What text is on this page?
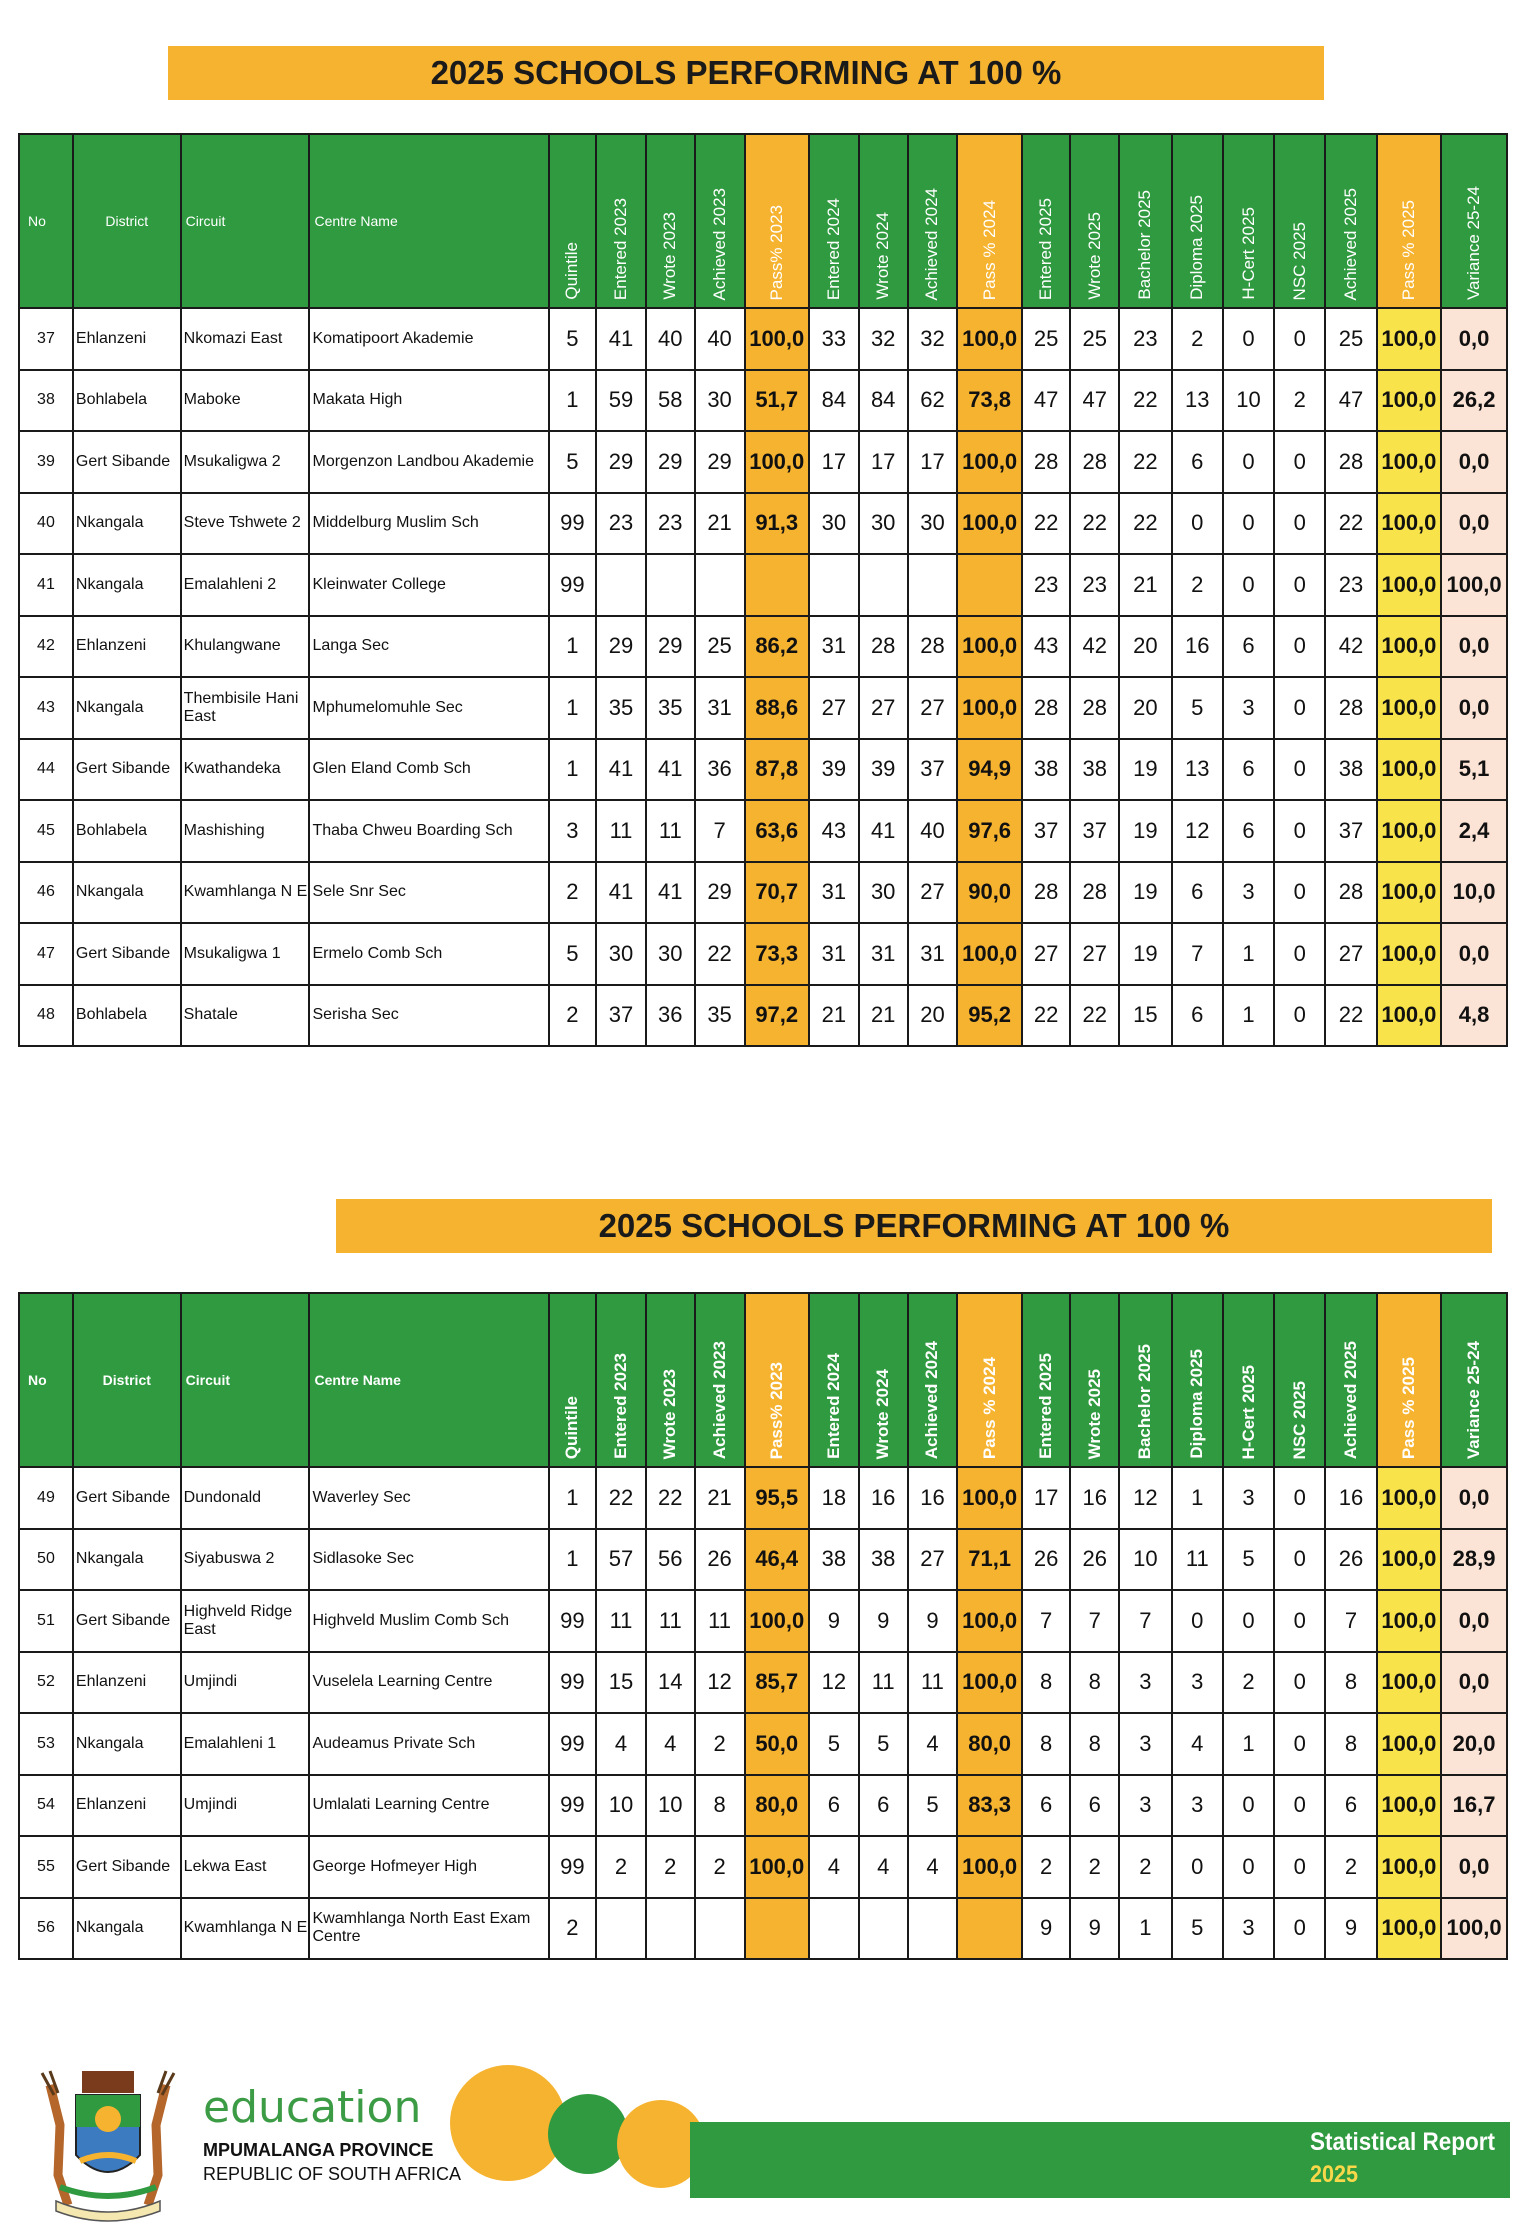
2025 SCHOOLS PERFORMING AT 100 %
No	District	Circuit	Centre Name	Quintile	Entered 2023	Wrote 2023	Achieved 2023	Pass% 2023	Entered 2024	Wrote 2024	Achieved 2024	Pass % 2024	Entered 2025	Wrote 2025	Bachelor 2025	Diploma 2025	H-Cert 2025	NSC 2025	Achieved 2025	Pass % 2025	Variance 25-24
37	Ehlanzeni	Nkomazi East	Komatipoort Akademie	5	41	40	40	100,0	33	32	32	100,0	25	25	23	2	0	0	25	100,0	0,0
38	Bohlabela	Maboke	Makata High	1	59	58	30	51,7	84	84	62	73,8	47	47	22	13	10	2	47	100,0	26,2
39	Gert Sibande	Msukaligwa 2	Morgenzon Landbou Akademie	5	29	29	29	100,0	17	17	17	100,0	28	28	22	6	0	0	28	100,0	0,0
40	Nkangala	Steve Tshwete 2	Middelburg Muslim Sch	99	23	23	21	91,3	30	30	30	100,0	22	22	22	0	0	0	22	100,0	0,0
41	Nkangala	Emalahleni 2	Kleinwater College	99									23	23	21	2	0	0	23	100,0	100,0
42	Ehlanzeni	Khulangwane	Langa Sec	1	29	29	25	86,2	31	28	28	100,0	43	42	20	16	6	0	42	100,0	0,0
43	Nkangala	Thembisile Hani East	Mphumelomuhle Sec	1	35	35	31	88,6	27	27	27	100,0	28	28	20	5	3	0	28	100,0	0,0
44	Gert Sibande	Kwathandeka	Glen Eland Comb Sch	1	41	41	36	87,8	39	39	37	94,9	38	38	19	13	6	0	38	100,0	5,1
45	Bohlabela	Mashishing	Thaba Chweu Boarding Sch	3	11	11	7	63,6	43	41	40	97,6	37	37	19	12	6	0	37	100,0	2,4
46	Nkangala	Kwamhlanga N E	Sele Snr Sec	2	41	41	29	70,7	31	30	27	90,0	28	28	19	6	3	0	28	100,0	10,0
47	Gert Sibande	Msukaligwa 1	Ermelo Comb Sch	5	30	30	22	73,3	31	31	31	100,0	27	27	19	7	1	0	27	100,0	0,0
48	Bohlabela	Shatale	Serisha Sec	2	37	36	35	97,2	21	21	20	95,2	22	22	15	6	1	0	22	100,0	4,8
2025 SCHOOLS PERFORMING AT 100 %
No	District	Circuit	Centre Name	Quintile	Entered 2023	Wrote 2023	Achieved 2023	Pass% 2023	Entered 2024	Wrote 2024	Achieved 2024	Pass % 2024	Entered 2025	Wrote 2025	Bachelor 2025	Diploma 2025	H-Cert 2025	NSC 2025	Achieved 2025	Pass % 2025	Variance 25-24
49	Gert Sibande	Dundonald	Waverley Sec	1	22	22	21	95,5	18	16	16	100,0	17	16	12	1	3	0	16	100,0	0,0
50	Nkangala	Siyabuswa 2	Sidlasoke Sec	1	57	56	26	46,4	38	38	27	71,1	26	26	10	11	5	0	26	100,0	28,9
51	Gert Sibande	Highveld Ridge East	Highveld Muslim Comb Sch	99	11	11	11	100,0	9	9	9	100,0	7	7	7	0	0	0	7	100,0	0,0
52	Ehlanzeni	Umjindi	Vuselela Learning Centre	99	15	14	12	85,7	12	11	11	100,0	8	8	3	3	2	0	8	100,0	0,0
53	Nkangala	Emalahleni 1	Audeamus Private Sch	99	4	4	2	50,0	5	5	4	80,0	8	8	3	4	1	0	8	100,0	20,0
54	Ehlanzeni	Umjindi	Umlalati Learning Centre	99	10	10	8	80,0	6	6	5	83,3	6	6	3	3	0	0	6	100,0	16,7
55	Gert Sibande	Lekwa East	George Hofmeyer High	99	2	2	2	100,0	4	4	4	100,0	2	2	2	0	0	0	2	100,0	0,0
56	Nkangala	Kwamhlanga N E	Kwamhlanga North East Exam Centre	2									9	9	1	5	3	0	9	100,0	100,0
education
MPUMALANGA PROVINCE
REPUBLIC OF SOUTH AFRICA
Statistical Report
2025
